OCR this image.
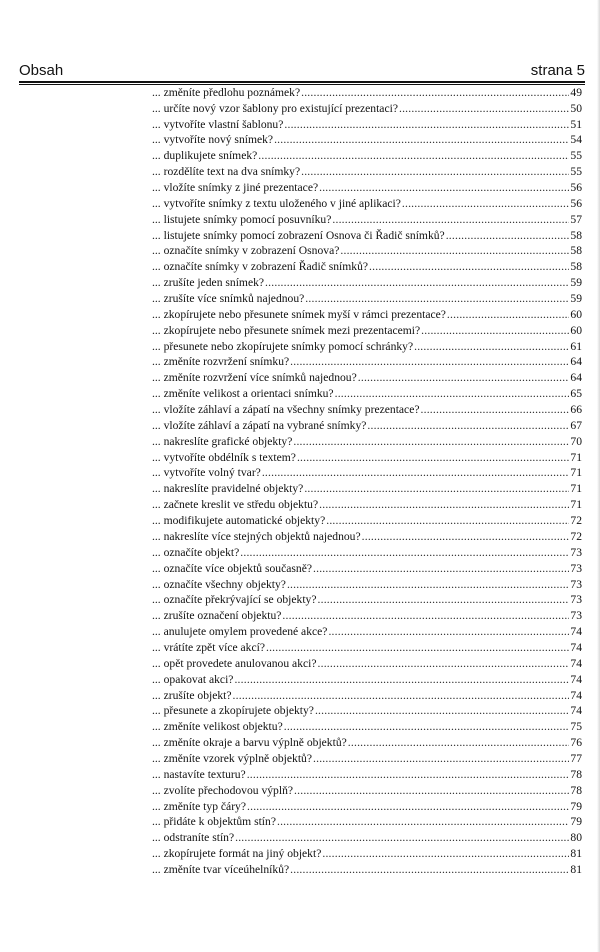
Obsah	strana 5
... změníte předlohu poznámek? .....	49
... určíte nový vzor šablony pro existující prezentaci? .....	50
... vytvoříte vlastní šablonu? .....	51
... vytvoříte nový snímek? .....	54
... duplikujete snímek? .....	55
... rozdělíte text na dva snímky? .....	55
... vložíte snímky z jiné prezentace? .....	56
... vytvoříte snímky z textu uloženého v jiné aplikaci? .....	56
... listujete snímky pomocí posuvníku? .....	57
... listujete snímky pomocí zobrazení Osnova či Řadič snímků? .....	58
... označíte snímky v zobrazení Osnova? .....	58
... označíte snímky v zobrazení Řadič snímků? .....	58
... zrušíte jeden snímek? .....	59
... zrušíte více snímků najednou? .....	59
... zkopírujete nebo přesunete snímek myší v rámci prezentace? .....	60
... zkopírujete nebo přesunete snímek mezi prezentacemi? .....	60
... přesunete nebo zkopírujete snímky pomocí schránky? .....	61
... změníte rozvržení snímku? .....	64
... změníte rozvržení více snímků najednou? .....	64
... změníte velikost a orientaci snímku? .....	65
... vložíte záhlaví a zápatí na všechny snímky prezentace? .....	66
... vložíte záhlaví a zápatí na vybrané snímky? .....	67
... nakreslíte grafické objekty? .....	70
... vytvoříte obdélník s textem? .....	71
... vytvoříte volný tvar? .....	71
... nakreslíte pravidelné objekty? .....	71
... začnete kreslit ve středu objektu? .....	71
... modifikujete automatické objekty? .....	72
... nakreslíte více stejných objektů najednou? .....	72
... označíte objekt? .....	73
... označíte více objektů současně? .....	73
... označíte všechny objekty? .....	73
... označíte překrývající se objekty? .....	73
... zrušíte označení objektu? .....	73
... anulujete omylem provedené akce? .....	74
... vrátíte zpět více akcí? .....	74
... opět provedete anulovanou akci? .....	74
... opakovat akci? .....	74
... zrušíte objekt? .....	74
... přesunete a zkopírujete objekty? .....	74
... změníte velikost objektu? .....	75
... změníte okraje a barvu výplně objektů? .....	76
... změníte vzorek výplně objektů? .....	77
... nastavíte texturu? .....	78
... zvolíte přechodovou výplň? .....	78
... změníte typ čáry? .....	79
... přidáte k objektům stín? .....	79
... odstraníte stín? .....	80
... zkopírujete formát na jiný objekt? .....	81
... změníte tvar víceúhelníků? .....	81
